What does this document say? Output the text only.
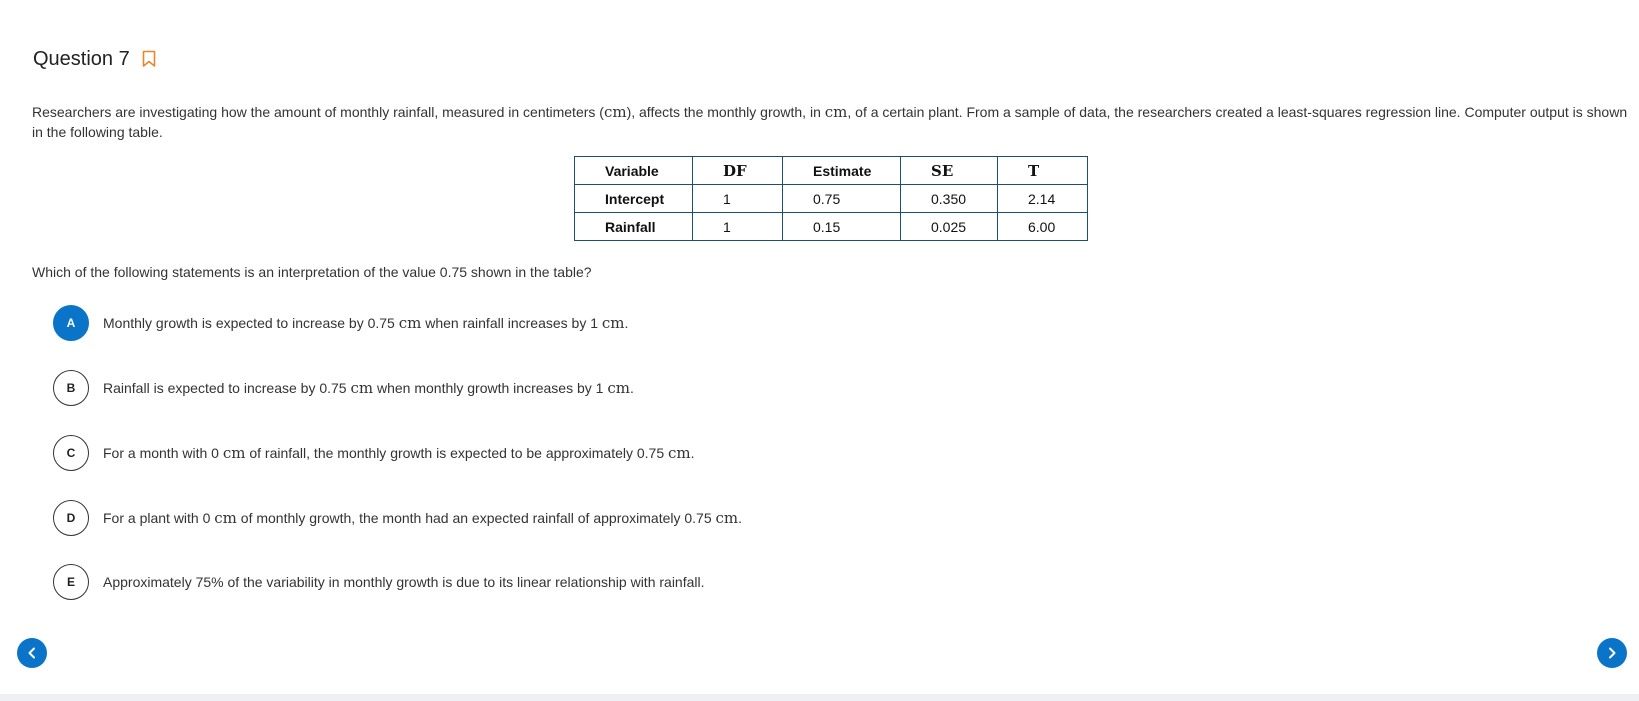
Question 7
Researchers are investigating how the amount of monthly rainfall, measured in centimeters (cm), affects the monthly growth, in cm, of a certain plant. From a sample of data, the researchers created a least-squares regression line. Computer output is shown in the following table.
Variable	DF	Estimate	SE	T
Intercept	1	0.75	0.350	2.14
Rainfall	1	0.15	0.025	6.00
Which of the following statements is an interpretation of the value 0.75 shown in the table?
A	Monthly growth is expected to increase by 0.75 cm when rainfall increases by 1 cm.
B	Rainfall is expected to increase by 0.75 cm when monthly growth increases by 1 cm.
C	For a month with 0 cm of rainfall, the monthly growth is expected to be approximately 0.75 cm.
D	For a plant with 0 cm of monthly growth, the month had an expected rainfall of approximately 0.75 cm.
E	Approximately 75% of the variability in monthly growth is due to its linear relationship with rainfall.
